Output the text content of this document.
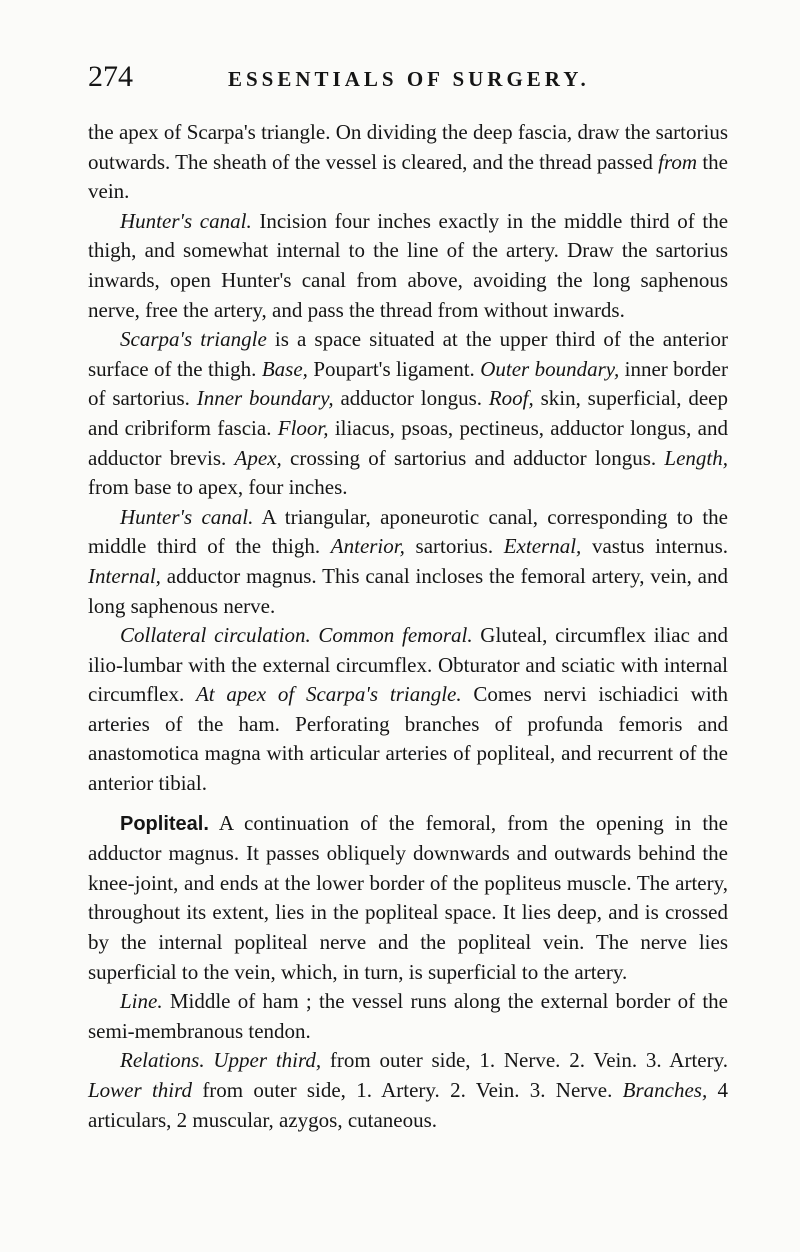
274	ESSENTIALS OF SURGERY.

the apex of Scarpa's triangle. On dividing the deep fascia, draw the sartorius outwards. The sheath of the vessel is cleared, and the thread passed from the vein.

Hunter's canal. Incision four inches exactly in the middle third of the thigh, and somewhat internal to the line of the artery. Draw the sartorius inwards, open Hunter's canal from above, avoiding the long saphenous nerve, free the artery, and pass the thread from without inwards.

Scarpa's triangle is a space situated at the upper third of the anterior surface of the thigh. Base, Poupart's ligament. Outer boundary, inner border of sartorius. Inner boundary, adductor longus. Roof, skin, superficial, deep and cribriform fascia. Floor, iliacus, psoas, pectineus, adductor longus, and adductor brevis. Apex, crossing of sartorius and adductor longus. Length, from base to apex, four inches.

Hunter's canal. A triangular, aponeurotic canal, corresponding to the middle third of the thigh. Anterior, sartorius. External, vastus internus. Internal, adductor magnus. This canal incloses the femoral artery, vein, and long saphenous nerve.

Collateral circulation. Common femoral. Gluteal, circumflex iliac and ilio-lumbar with the external circumflex. Obturator and sciatic with internal circumflex. At apex of Scarpa's triangle. Comes nervi ischiadici with arteries of the ham. Perforating branches of profunda femoris and anastomotica magna with articular arteries of popliteal, and recurrent of the anterior tibial.

Popliteal. A continuation of the femoral, from the opening in the adductor magnus. It passes obliquely downwards and outwards behind the knee-joint, and ends at the lower border of the popliteus muscle. The artery, throughout its extent, lies in the popliteal space. It lies deep, and is crossed by the internal popliteal nerve and the popliteal vein. The nerve lies superficial to the vein, which, in turn, is superficial to the artery.

Line. Middle of ham ; the vessel runs along the external border of the semi-membranous tendon.

Relations. Upper third, from outer side, 1. Nerve. 2. Vein. 3. Artery. Lower third from outer side, 1. Artery. 2. Vein. 3. Nerve. Branches, 4 articulars, 2 muscular, azygos, cutaneous.
